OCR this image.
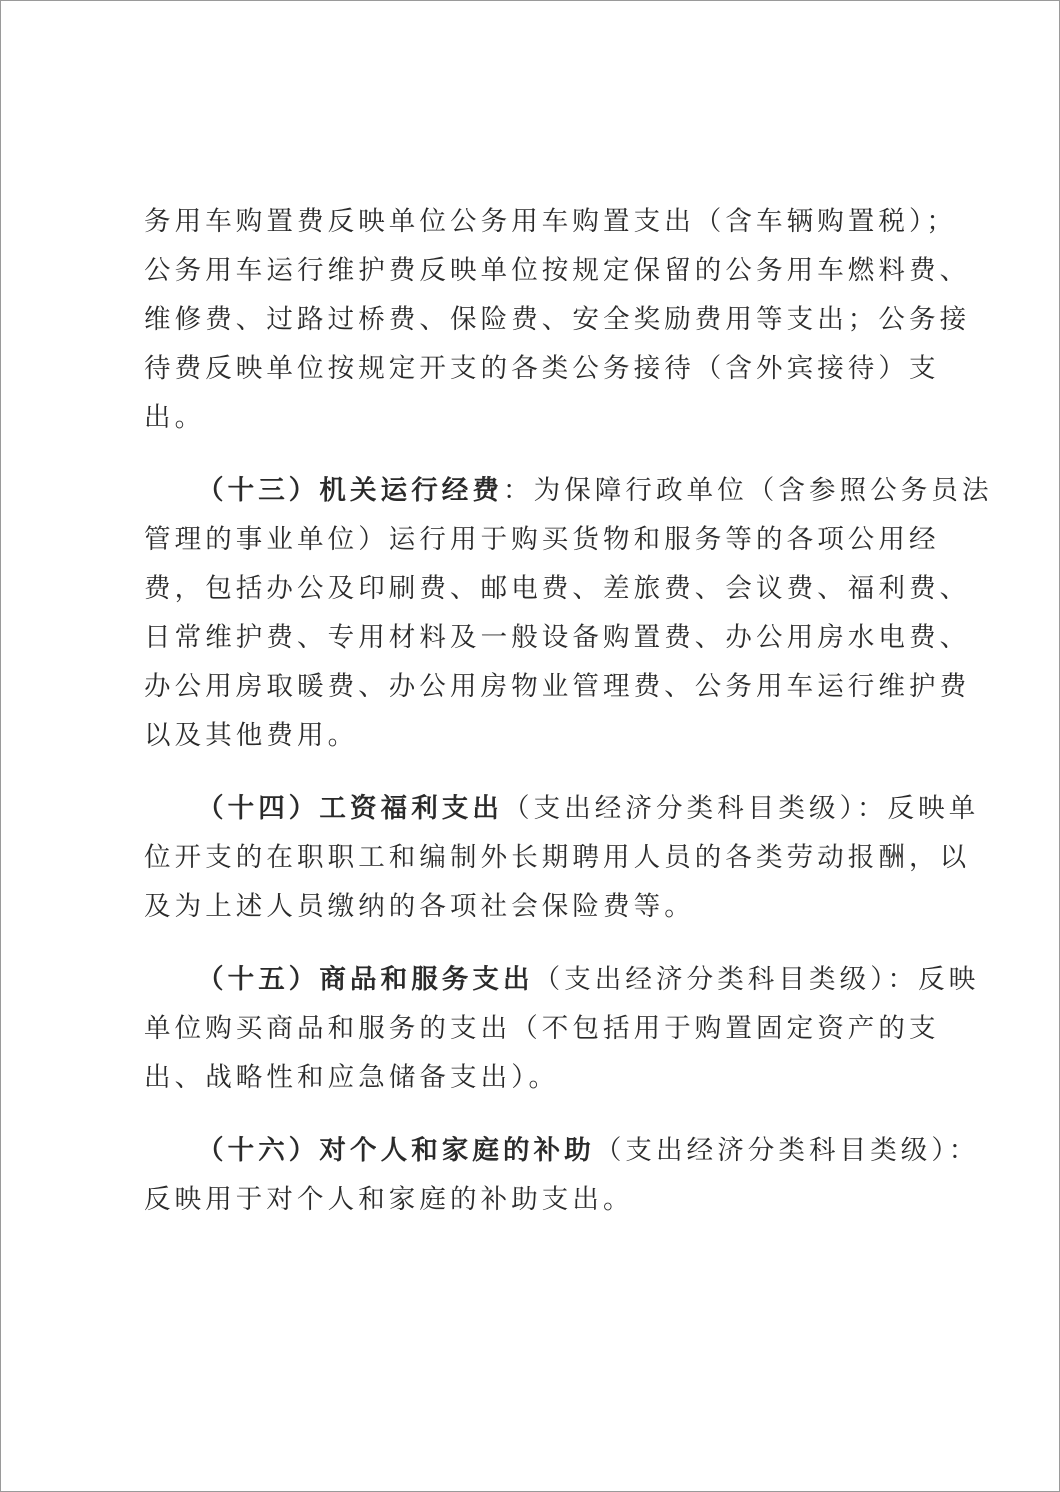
务用车购置费反映单位公务用车购置支出（含车辆购置税）；
公务用车运行维护费反映单位按规定保留的公务用车燃料费、
维修费、过路过桥费、保险费、安全奖励费用等支出；公务接
待费反映单位按规定开支的各类公务接待（含外宾接待）支
出。
（十三）机关运行经费：为保障行政单位（含参照公务员法
管理的事业单位）运行用于购买货物和服务等的各项公用经
费，包括办公及印刷费、邮电费、差旅费、会议费、福利费、
日常维护费、专用材料及一般设备购置费、办公用房水电费、
办公用房取暖费、办公用房物业管理费、公务用车运行维护费
以及其他费用。
（十四）工资福利支出（支出经济分类科目类级）：反映单
位开支的在职职工和编制外长期聘用人员的各类劳动报酬，以
及为上述人员缴纳的各项社会保险费等。
（十五）商品和服务支出（支出经济分类科目类级）：反映
单位购买商品和服务的支出（不包括用于购置固定资产的支
出、战略性和应急储备支出）。
（十六）对个人和家庭的补助（支出经济分类科目类级）：
反映用于对个人和家庭的补助支出。
